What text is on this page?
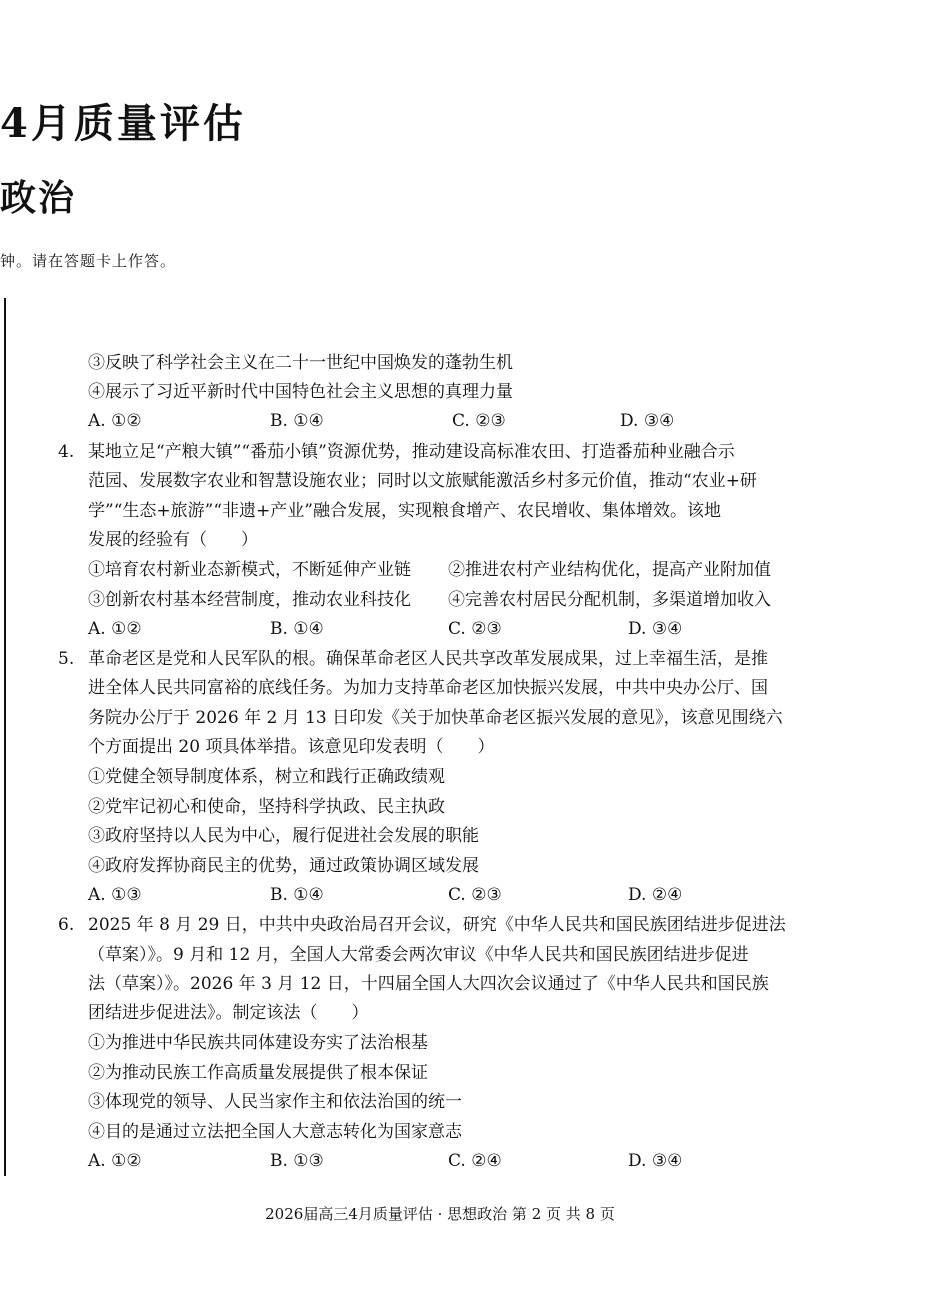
4月质量评估
政治
钟。请在答题卡上作答。
③反映了科学社会主义在二十一世纪中国焕发的蓬勃生机
④展示了习近平新时代中国特色社会主义思想的真理力量
A. ①②	B. ①④	C. ②③	D. ③④
4. 某地立足“产粮大镇”“番茄小镇”资源优势，推动建设高标准农田、打造番茄种业融合示
范园、发展数字农业和智慧设施农业；同时以文旅赋能激活乡村多元价值，推动“农业+研
学”“生态+旅游”“非遗+产业”融合发展，实现粮食增产、农民增收、集体增效。该地
发展的经验有（　　）
①培育农村新业态新模式，不断延伸产业链 ②推进农村产业结构优化，提高产业附加值
③创新农村基本经营制度，推动农业科技化 ④完善农村居民分配机制，多渠道增加收入
A. ①②	B. ①④	C. ②③	D. ③④
5. 革命老区是党和人民军队的根。确保革命老区人民共享改革发展成果，过上幸福生活，是推
进全体人民共同富裕的底线任务。为加力支持革命老区加快振兴发展，中共中央办公厅、国
务院办公厅于 2026 年 2 月 13 日印发《关于加快革命老区振兴发展的意见》，该意见围绕六
个方面提出 20 项具体举措。该意见印发表明（　　）
①党健全领导制度体系，树立和践行正确政绩观
②党牢记初心和使命，坚持科学执政、民主执政
③政府坚持以人民为中心，履行促进社会发展的职能
④政府发挥协商民主的优势，通过政策协调区域发展
A. ①③	B. ①④	C. ②③	D. ②④
6. 2025 年 8 月 29 日，中共中央政治局召开会议，研究《中华人民共和国民族团结进步促进法
（草案）》。9 月和 12 月，全国人大常委会两次审议《中华人民共和国民族团结进步促进
法（草案）》。2026 年 3 月 12 日，十四届全国人大四次会议通过了《中华人民共和国民族
团结进步促进法》。制定该法（　　）
①为推进中华民族共同体建设夯实了法治根基
②为推动民族工作高质量发展提供了根本保证
③体现党的领导、人民当家作主和依法治国的统一
④目的是通过立法把全国人大意志转化为国家意志
A. ①②	B. ①③	C. ②④	D. ③④
2026届高三4月质量评估 · 思想政治 第 2 页 共 8 页
